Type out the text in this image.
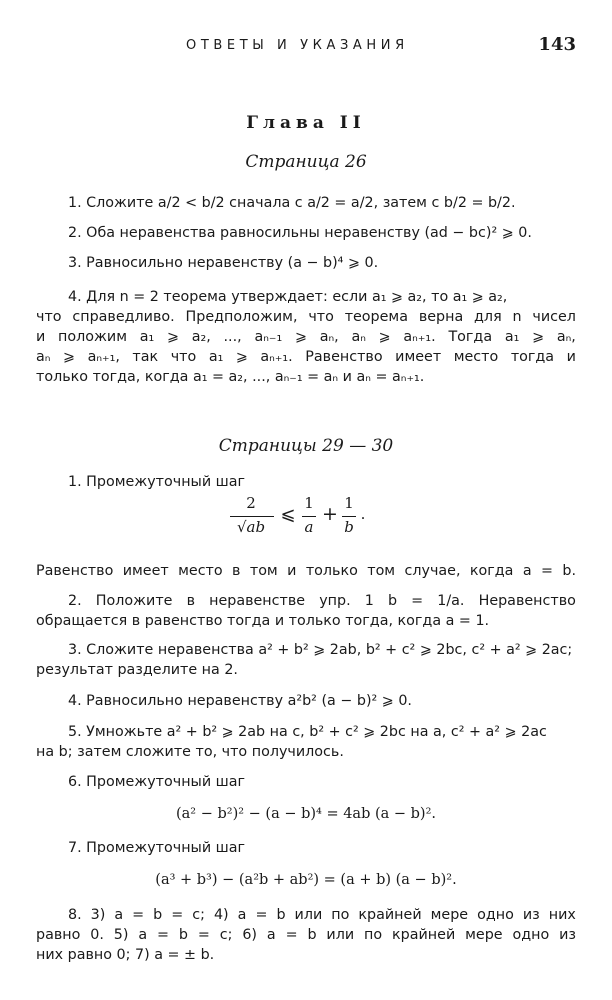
ОТВЕТЫ И УКАЗАНИЯ	143
Глава II
Страница 26
1. Сложите a/2 < b/2 сначала с a/2 = a/2, затем с b/2 = b/2.
2. Оба неравенства равносильны неравенству (ad − bc)² ⩾ 0.
3. Равносильно неравенству (a − b)⁴ ⩾ 0.
4. Для n = 2 теорема утверждает: если a₁ ⩾ a₂, то a₁ ⩾ a₂,
что справедливо. Предположим, что теорема верна для n чисел
и положим a₁ ⩾ a₂, ..., aₙ₋₁ ⩾ aₙ, aₙ ⩾ aₙ₊₁. Тогда a₁ ⩾ aₙ,
aₙ ⩾ aₙ₊₁, так что a₁ ⩾ aₙ₊₁. Равенство имеет место тогда и
только тогда, когда a₁ = a₂, ..., aₙ₋₁ = aₙ и aₙ = aₙ₊₁.
Страницы 29 — 30
1. Промежуточный шаг
2
√ab
⩽
1
a
+ 1
b
.
Равенство имеет место в том и только том случае, когда a = b.
2. Положите в неравенстве упр. 1 b = 1/a. Неравенство
обращается в равенство тогда и только тогда, когда a = 1.
3. Сложите неравенства a² + b² ⩾ 2ab, b² + c² ⩾ 2bc, c² + a² ⩾ 2ac;
результат разделите на 2.
4. Равносильно неравенству a²b² (a − b)² ⩾ 0.
5. Умножьте a² + b² ⩾ 2ab на c, b² + c² ⩾ 2bc на a, c² + a² ⩾ 2ac
на b; затем сложите то, что получилось.
6. Промежуточный шаг
(a² − b²)² − (a − b)⁴ = 4ab (a − b)².
7. Промежуточный шаг
(a³ + b³) − (a²b + ab²) = (a + b) (a − b)².
8. 3) a = b = c; 4) a = b или по крайней мере одно из них
равно 0. 5) a = b = c; 6) a = b или по крайней мере одно из
них равно 0; 7) a = ± b.
